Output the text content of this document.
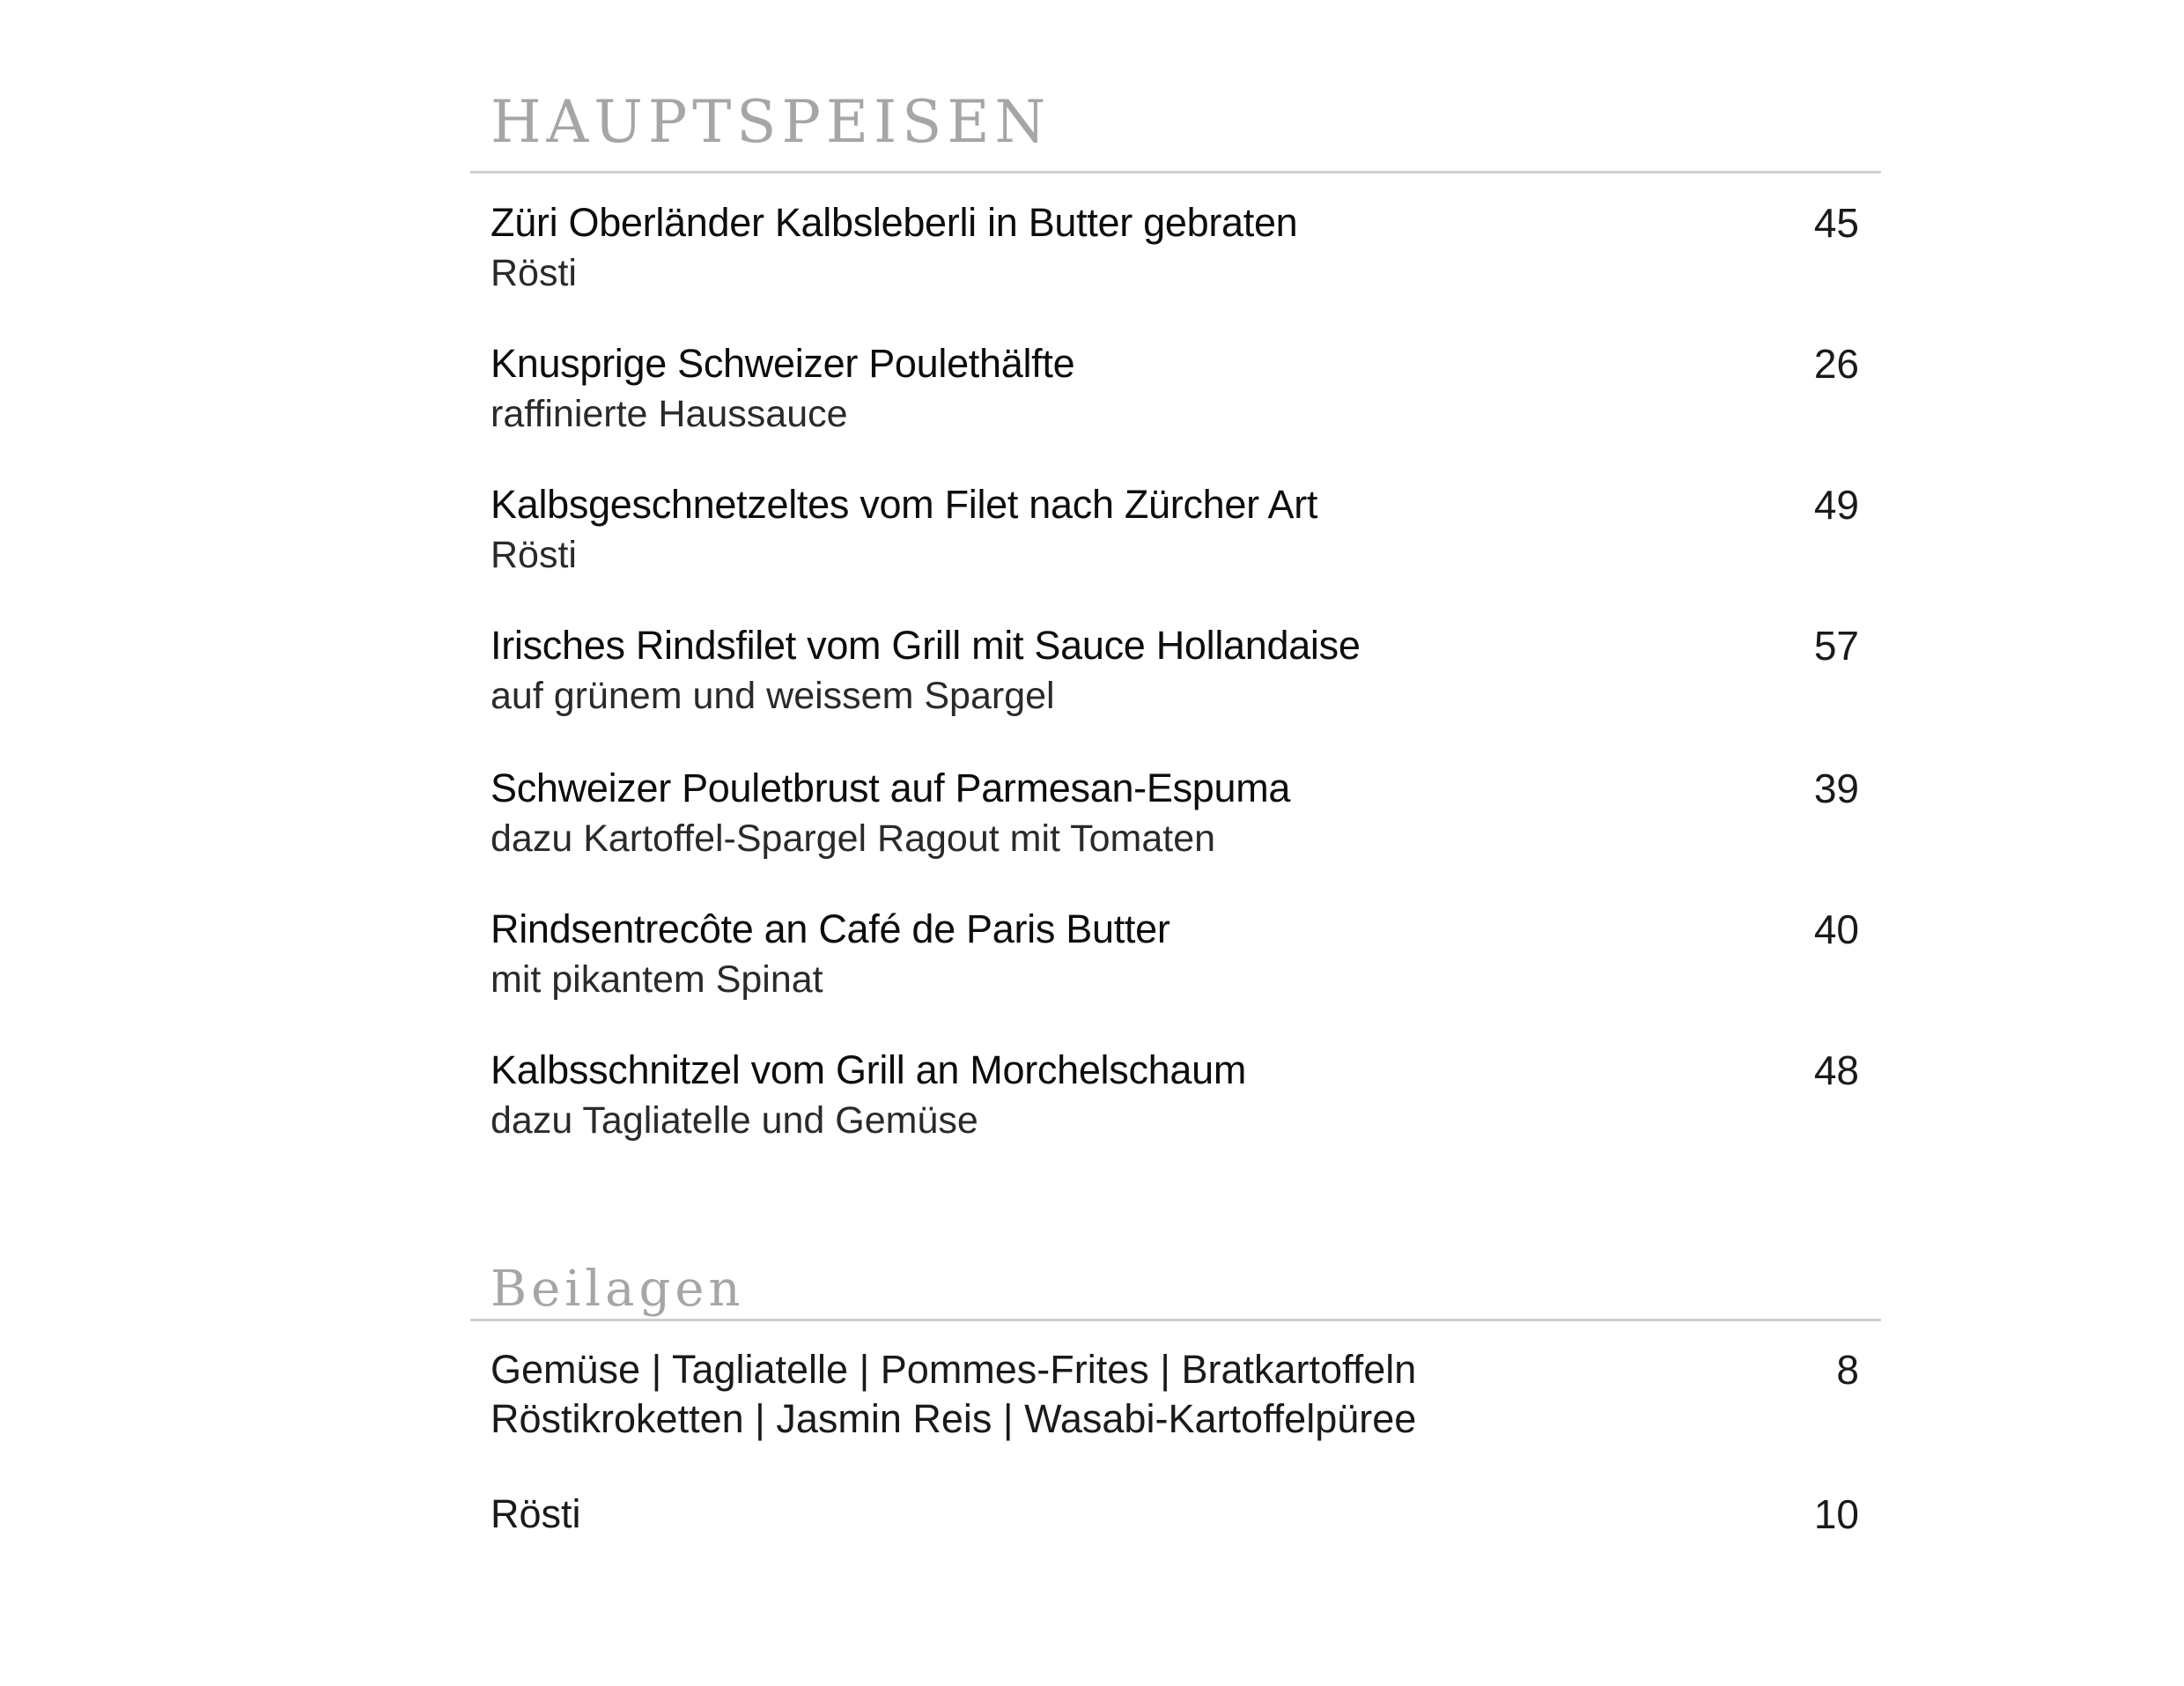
HAUPTSPEISEN
Züri Oberländer Kalbsleberli in Butter gebraten
Rösti
45
Knusprige Schweizer Poulethälfte
raffinierte Haussauce
26
Kalbsgeschnetzeltes vom Filet nach Zürcher Art
Rösti
49
Irisches Rindsfilet vom Grill mit Sauce Hollandaise
auf grünem und weissem Spargel
57
Schweizer Pouletbrust auf Parmesan-Espuma
dazu Kartoffel-Spargel Ragout mit Tomaten
39
Rindsentrecôte an Café de Paris Butter
mit pikantem Spinat
40
Kalbsschnitzel vom Grill an Morchelschaum
dazu Tagliatelle und Gemüse
48
Beilagen
Gemüse | Tagliatelle | Pommes-Frites | Bratkartoffeln
Röstikroketten | Jasmin Reis | Wasabi-Kartoffelpüree
8
Rösti	10
